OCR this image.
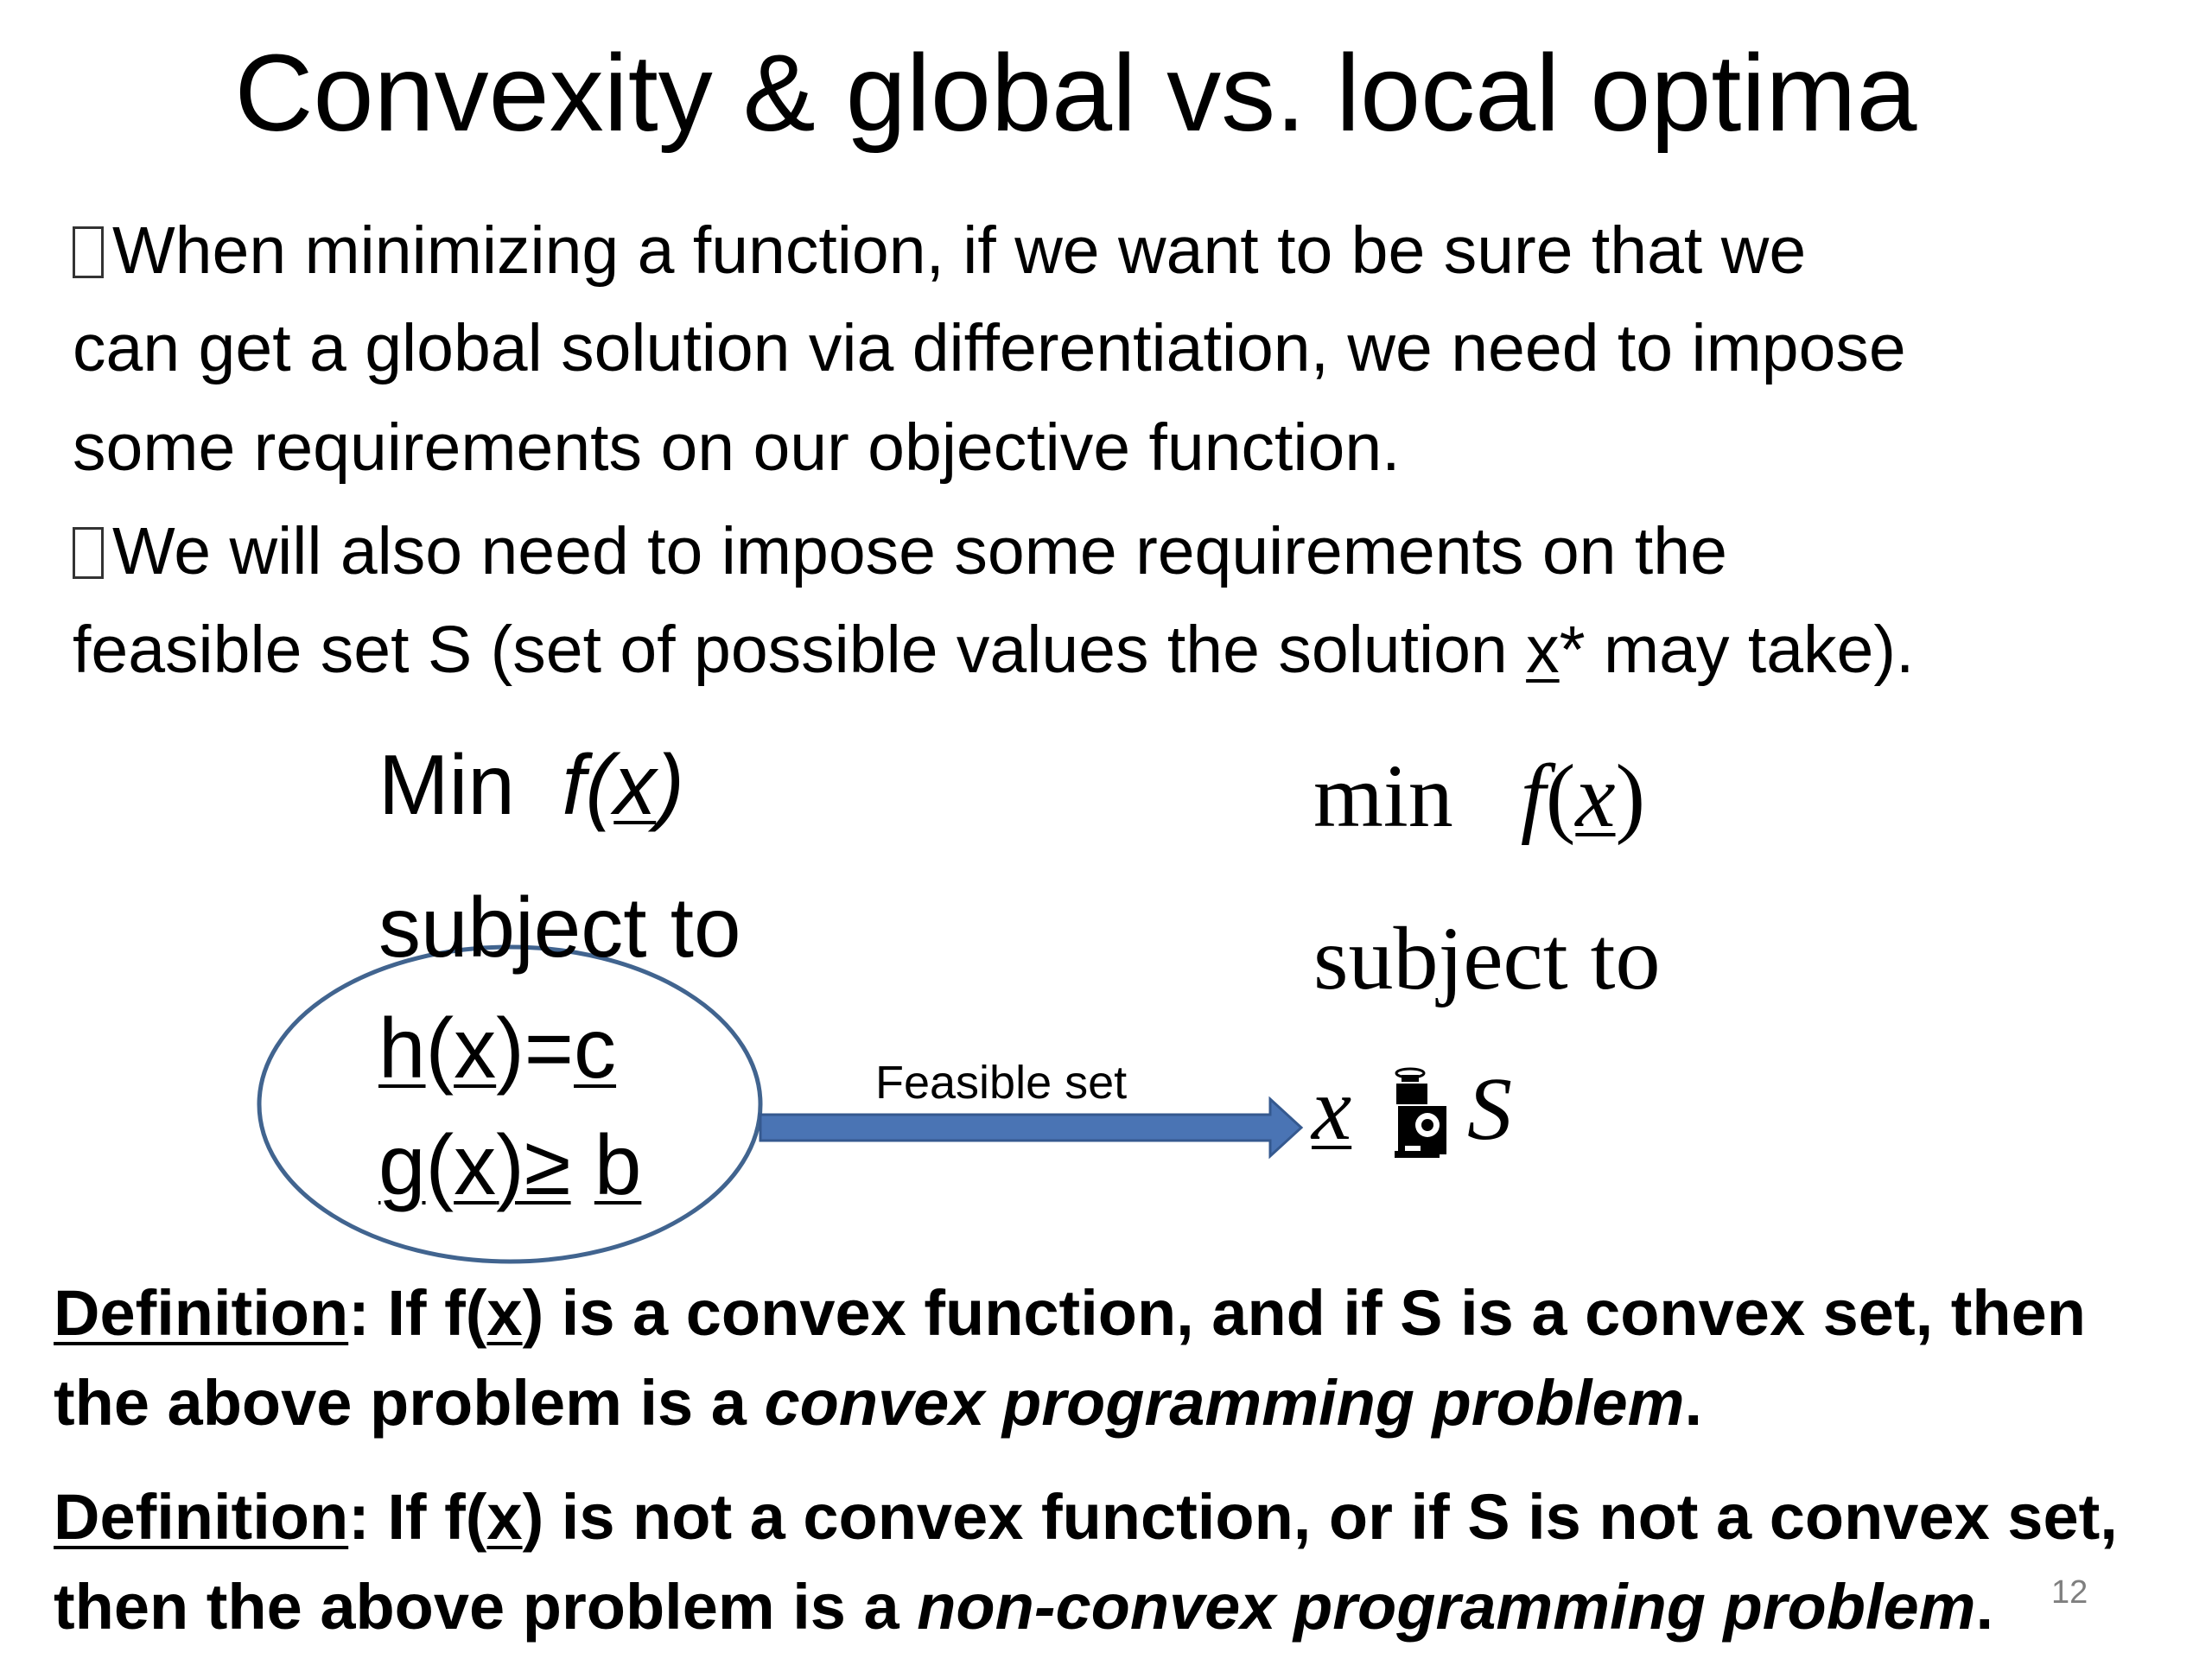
Convexity & global vs. local optima
When minimizing a function, if we want to be sure that we
can get a global solution via differentiation, we need to impose
some requirements on our objective function.
We will also need to impose some requirements on the
feasible set S (set of possible values the solution x* may take).
Min f(x)
subject to
h(x)=c
g(x)≥ b
Feasible set
min f(x)
subject to
x S
Definition: If f(x) is a convex function, and if S is a convex set, then
the above problem is a convex programming problem.
Definition: If f(x) is not a convex function, or if S is not a convex set,
then the above problem is a non-convex programming problem. 12
